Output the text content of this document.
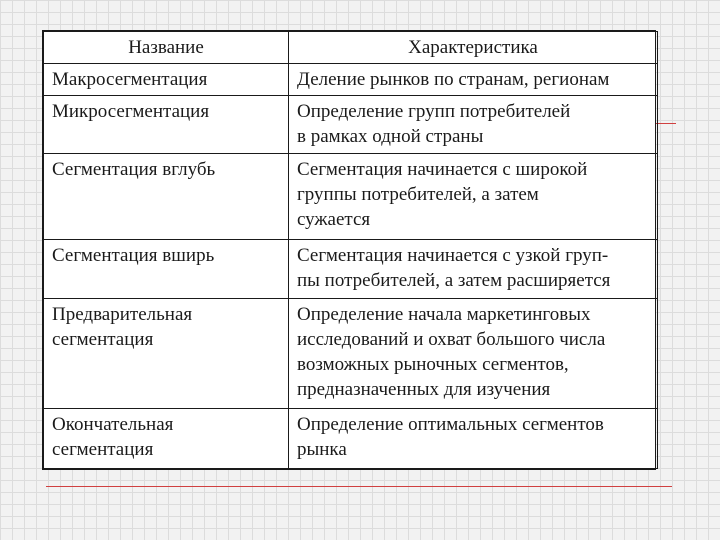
Название	Характеристика

Макросегментация	Деление рынков по странам, регионам

Микросегментация	Определение групп потребителей
в рамках одной страны

Сегментация вглубь	Сегментация начинается с широкой
группы потребителей, а затем
сужается

Сегментация вширь	Сегментация начинается с узкой груп-
пы потребителей, а затем расширяется

Предварительная
сегментация	Определение начала маркетинговых
исследований и охват большого числа
возможных рыночных сегментов,
предназначенных для изучения

Окончательная
сегментация	Определение оптимальных сегментов
рынка
